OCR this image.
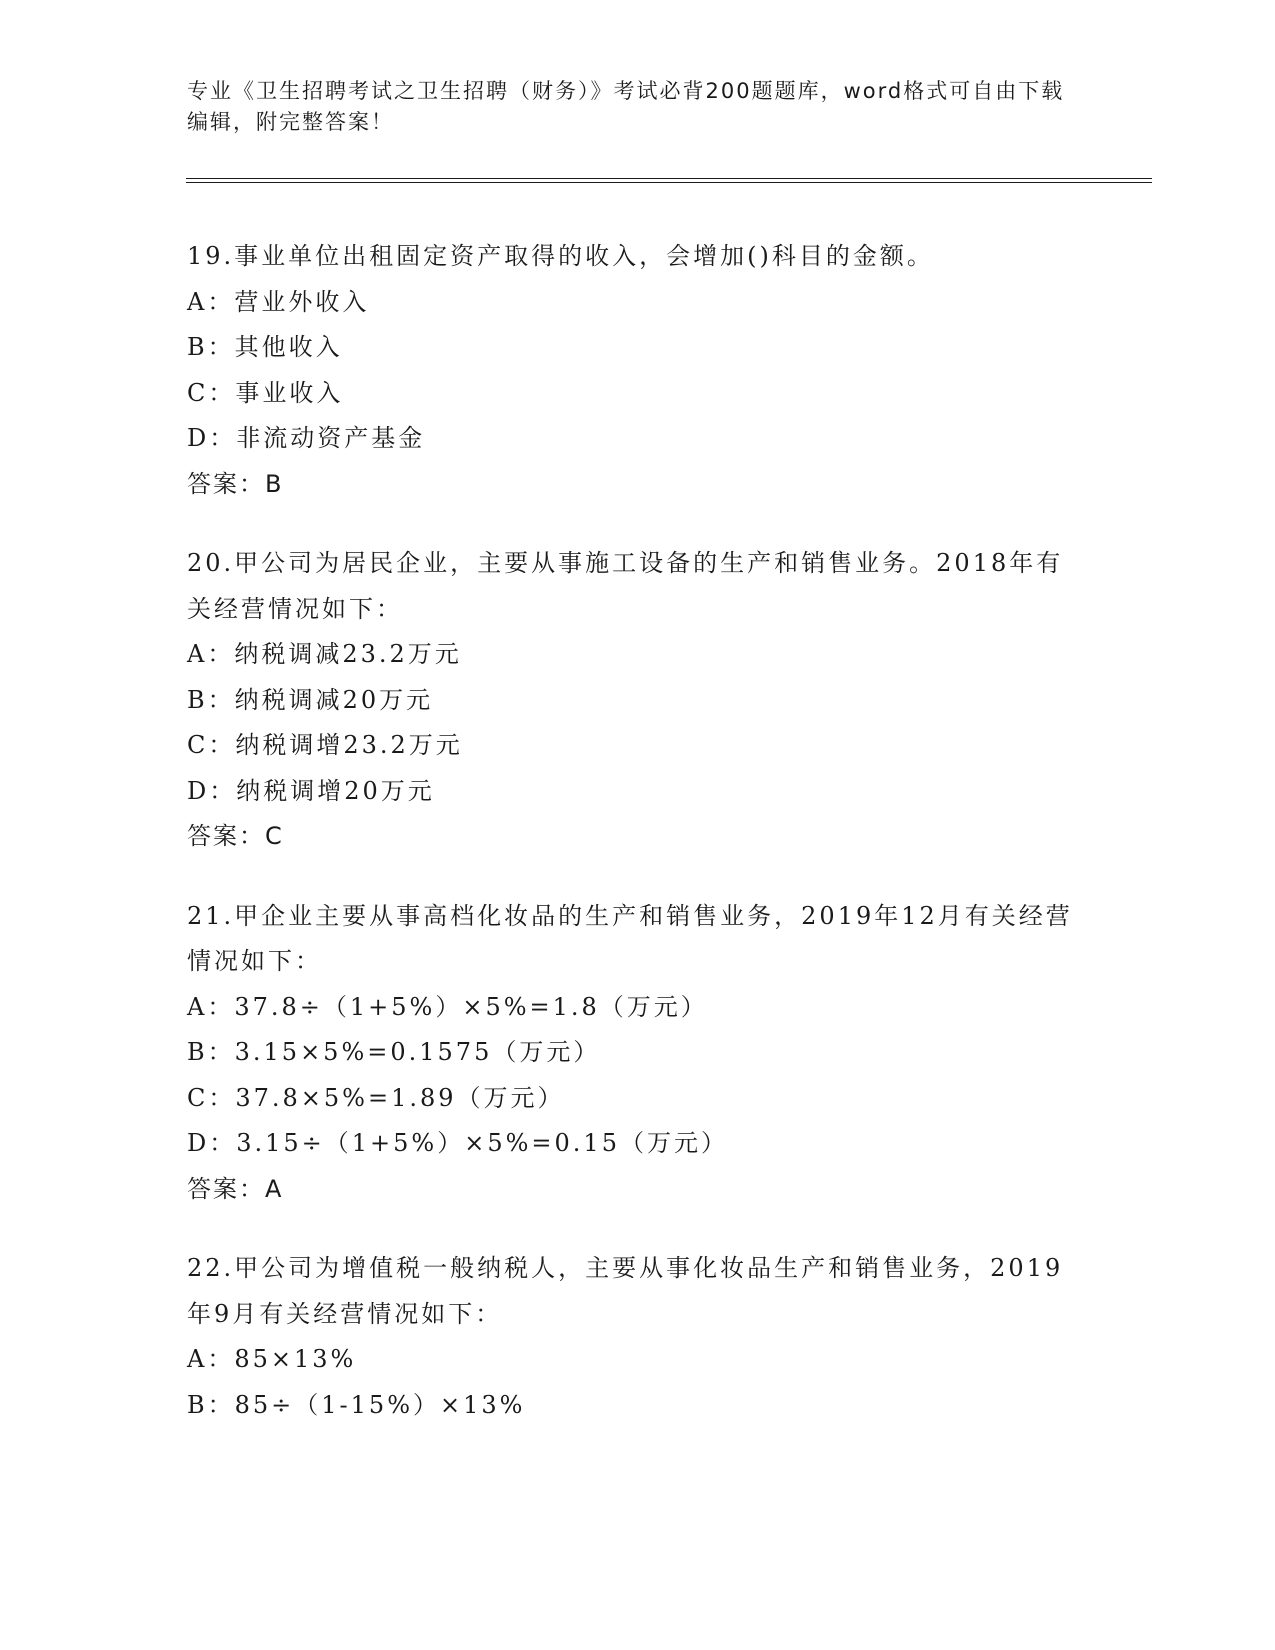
专业《卫生招聘考试之卫生招聘（财务）》考试必背200题题库，word格式可自由下载编辑，附完整答案！
19.事业单位出租固定资产取得的收入，会增加()科目的金额。
A：营业外收入
B：其他收入
C：事业收入
D：非流动资产基金
答案：B
20.甲公司为居民企业，主要从事施工设备的生产和销售业务。2018年有关经营情况如下：
A：纳税调减23.2万元
B：纳税调减20万元
C：纳税调增23.2万元
D：纳税调增20万元
答案：C
21.甲企业主要从事高档化妆品的生产和销售业务，2019年12月有关经营情况如下：
A：37.8÷（1+5%）×5%=1.8（万元）
B：3.15×5%=0.1575（万元）
C：37.8×5%=1.89（万元）
D：3.15÷（1+5%）×5%=0.15（万元）
答案：A
22.甲公司为增值税一般纳税人，主要从事化妆品生产和销售业务，2019年9月有关经营情况如下：
A：85×13%
B：85÷（1-15%）×13%
